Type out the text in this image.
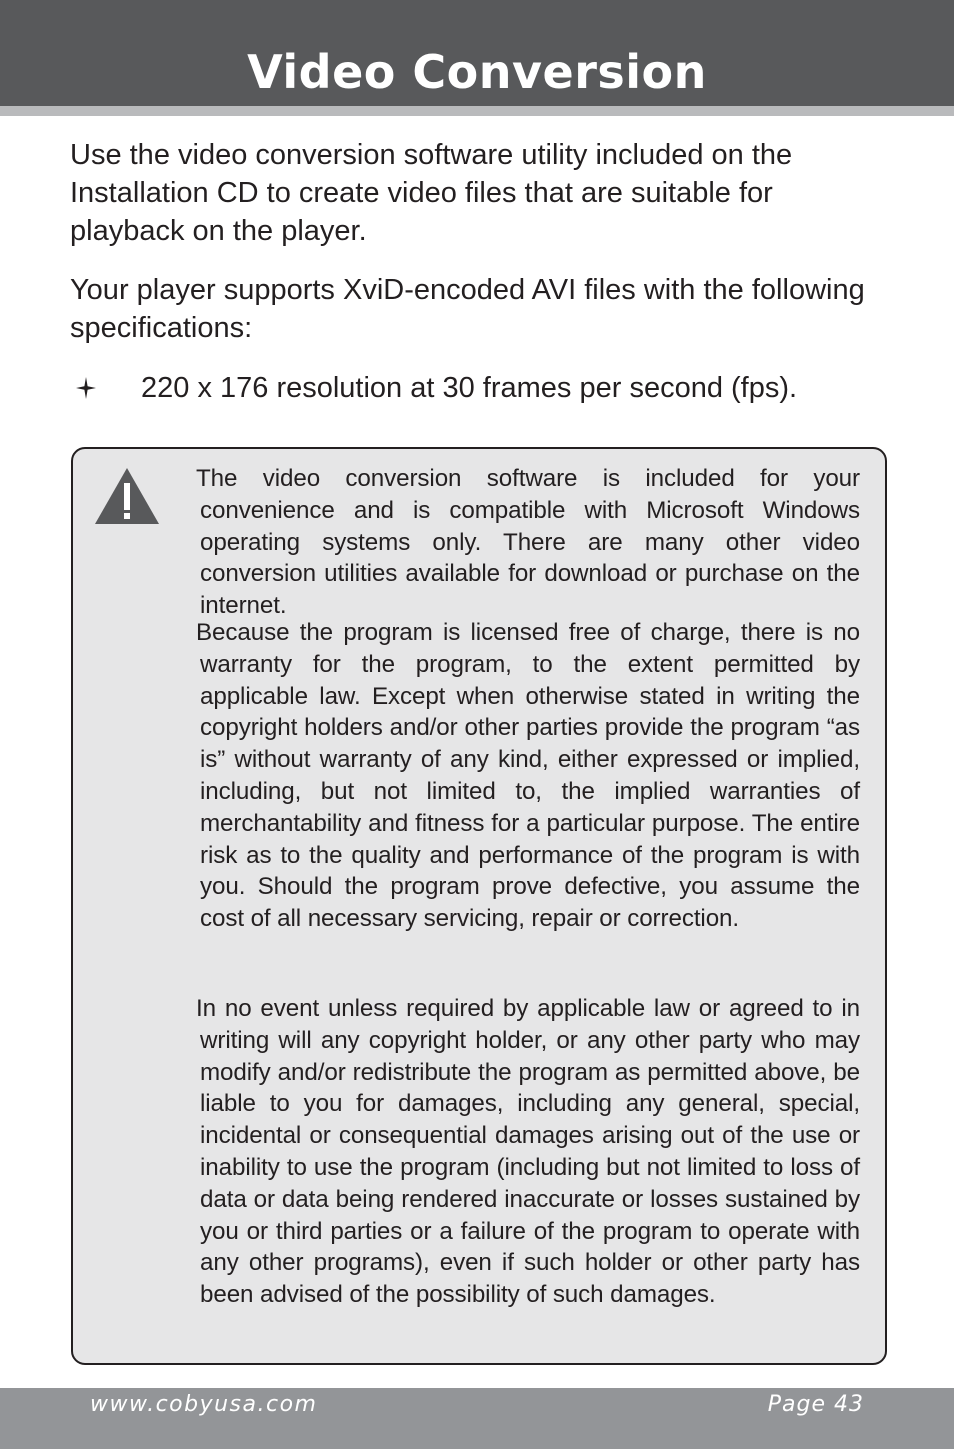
Video Conversion

Use the video conversion software utility included on the Installation CD to create video files that are suitable for playback on the player.

Your player supports XviD-encoded AVI files with the following specifications:

220 x 176 resolution at 30 frames per second (fps).

The video conversion software is included for your convenience and is compatible with Microsoft Windows operating systems only. There are many other video conversion utilities available for download or purchase on the internet.

Because the program is licensed free of charge, there is no warranty for the program, to the extent permitted by applicable law. Except when otherwise stated in writing the copyright holders and/or other parties provide the program “as is” without warranty of any kind, either expressed or implied, including, but not limited to, the implied warranties of merchantability and fitness for a particular purpose. The entire risk as to the quality and performance of the program is with you. Should the program prove defective, you assume the cost of all necessary servicing, repair or correction.

In no event unless required by applicable law or agreed to in writing will any copyright holder, or any other party who may modify and/or redistribute the program as permitted above, be liable to you for damages, including any general, special, incidental or consequential damages arising out of the use or inability to use the program (including but not limited to loss of data or data being rendered inaccurate or losses sustained by you or third parties or a failure of the program to operate with any other programs), even if such holder or other party has been advised of the possibility of such damages.

www.cobyusa.com	Page 43
